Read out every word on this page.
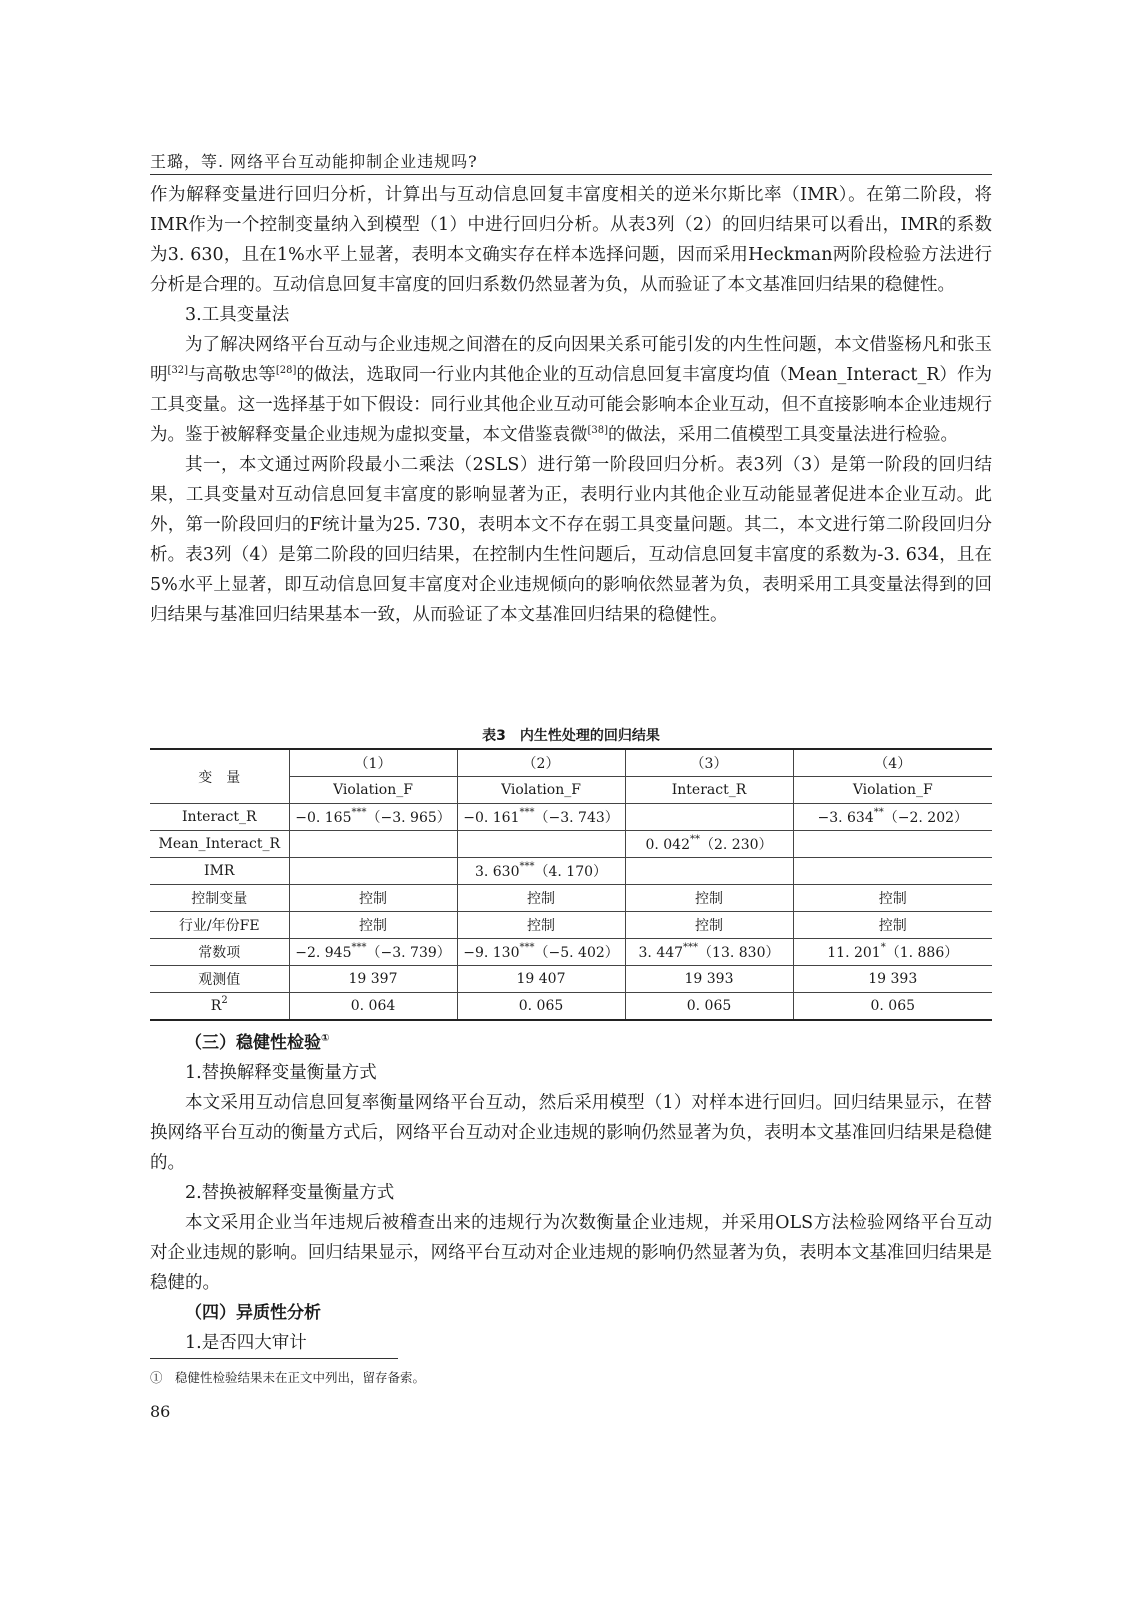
王璐，等. 网络平台互动能抑制企业违规吗?

作为解释变量进行回归分析，计算出与互动信息回复丰富度相关的逆米尔斯比率（IMR）。在第二阶段，将IMR作为一个控制变量纳入到模型（1）中进行回归分析。从表3列（2）的回归结果可以看出，IMR的系数为3. 630，且在1%水平上显著，表明本文确实存在样本选择问题，因而采用Heckman两阶段检验方法进行分析是合理的。互动信息回复丰富度的回归系数仍然显著为负，从而验证了本文基准回归结果的稳健性。

3.工具变量法

为了解决网络平台互动与企业违规之间潜在的反向因果关系可能引发的内生性问题，本文借鉴杨凡和张玉明[32]与高敬忠等[28]的做法，选取同一行业内其他企业的互动信息回复丰富度均值（Mean_Interact_R）作为工具变量。这一选择基于如下假设：同行业其他企业互动可能会影响本企业互动，但不直接影响本企业违规行为。鉴于被解释变量企业违规为虚拟变量，本文借鉴袁微[38]的做法，采用二值模型工具变量法进行检验。

其一，本文通过两阶段最小二乘法（2SLS）进行第一阶段回归分析。表3列（3）是第一阶段的回归结果，工具变量对互动信息回复丰富度的影响显著为正，表明行业内其他企业互动能显著促进本企业互动。此外，第一阶段回归的F统计量为25. 730，表明本文不存在弱工具变量问题。其二，本文进行第二阶段回归分析。表3列（4）是第二阶段的回归结果，在控制内生性问题后，互动信息回复丰富度的系数为-3. 634，且在5%水平上显著，即互动信息回复丰富度对企业违规倾向的影响依然显著为负，表明采用工具变量法得到的回归结果与基准回归结果基本一致，从而验证了本文基准回归结果的稳健性。

表3　内生性处理的回归结果
变　量	（1）	（2）	（3）	（4）
	Violation_F	Violation_F	Interact_R	Violation_F
Interact_R	−0. 165***（−3. 965）	−0. 161***（−3. 743）		−3. 634**（−2. 202）
Mean_Interact_R			0. 042**（2. 230）	
IMR		3. 630***（4. 170）		
控制变量	控制	控制	控制	控制
行业/年份FE	控制	控制	控制	控制
常数项	−2. 945***（−3. 739）	−9. 130***（−5. 402）	3. 447***（13. 830）	11. 201*（1. 886）
观测值	19 397	19 407	19 393	19 393
$R^2$	0. 064	0. 065	0. 065	0. 065

（三）稳健性检验①

1.替换解释变量衡量方式

本文采用互动信息回复率衡量网络平台互动，然后采用模型（1）对样本进行回归。回归结果显示，在替换网络平台互动的衡量方式后，网络平台互动对企业违规的影响仍然显著为负，表明本文基准回归结果是稳健的。

2.替换被解释变量衡量方式

本文采用企业当年违规后被稽查出来的违规行为次数衡量企业违规，并采用OLS方法检验网络平台互动对企业违规的影响。回归结果显示，网络平台互动对企业违规的影响仍然显著为负，表明本文基准回归结果是稳健的。

（四）异质性分析

1.是否四大审计

①　 稳健性检验结果未在正文中列出，留存备索。
86
